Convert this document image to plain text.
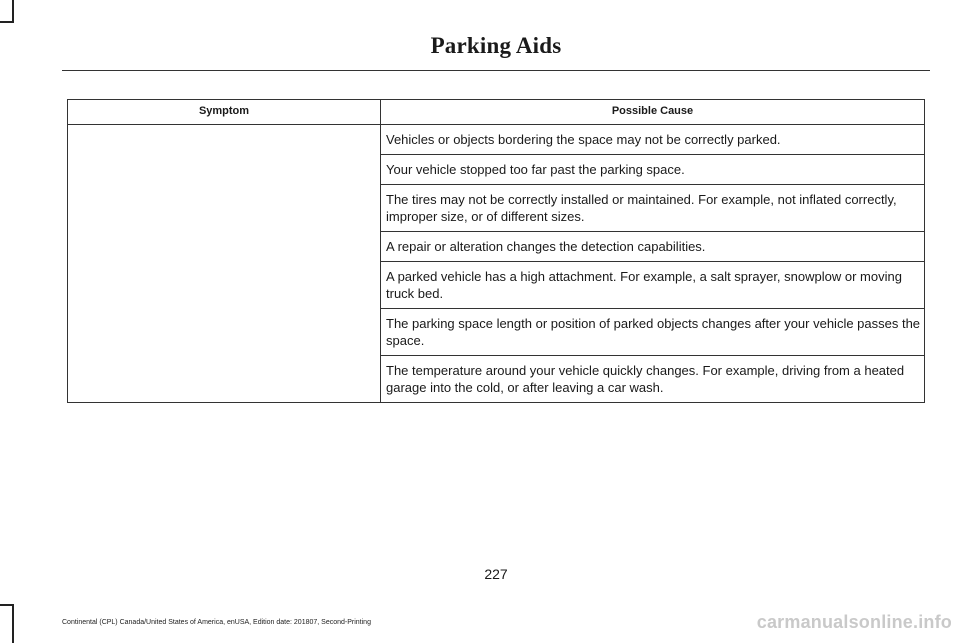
Parking Aids
Symptom	Possible Cause
	Vehicles or objects bordering the space may not be correctly parked.
	Your vehicle stopped too far past the parking space.
	The tires may not be correctly installed or maintained. For example, not inflated correctly, improper size, or of different sizes.
	A repair or alteration changes the detection capabilities.
	A parked vehicle has a high attachment. For example, a salt sprayer, snowplow or moving truck bed.
	The parking space length or position of parked objects changes after your vehicle passes the space.
	The temperature around your vehicle quickly changes. For example, driving from a heated garage into the cold, or after leaving a car wash.
227
Continental (CPL) Canada/United States of America, enUSA, Edition date: 201807, Second-Printing	carmanualsonline.info
